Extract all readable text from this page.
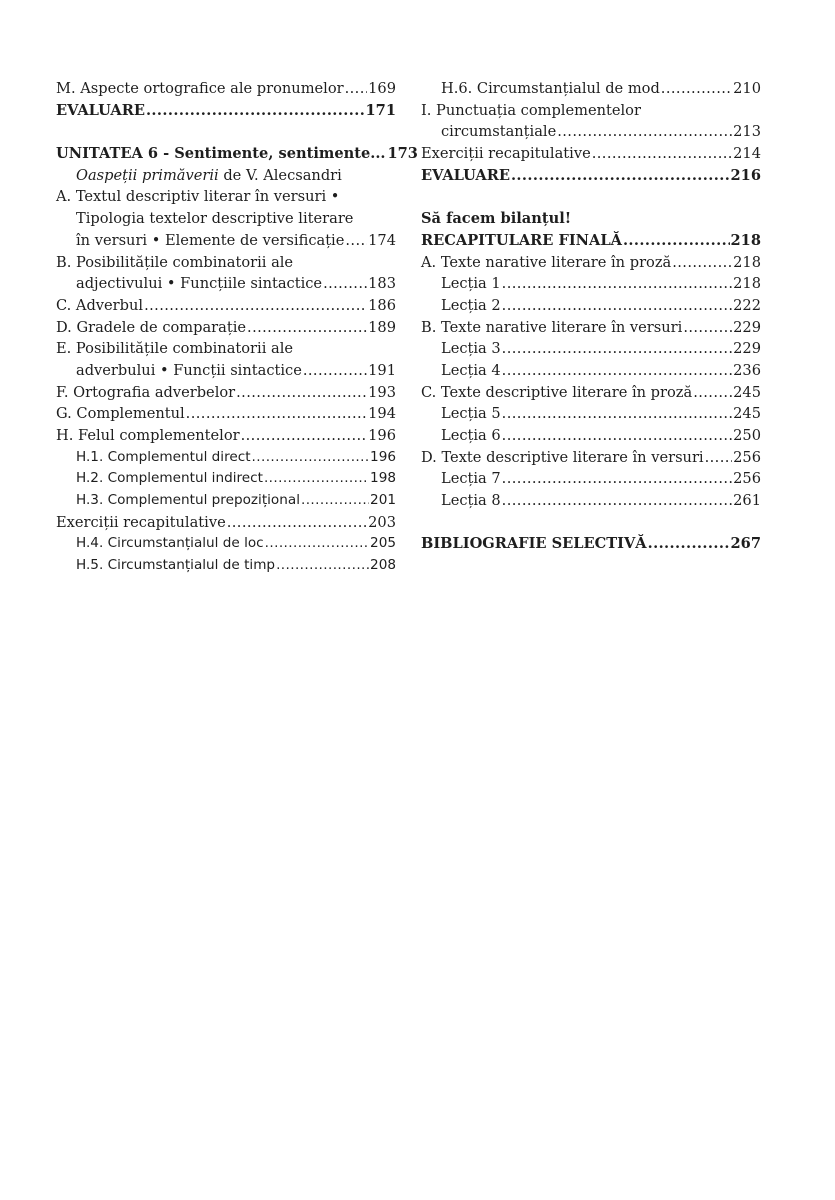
M. Aspecte ortografice ale pronumelor ..... 169
EVALUARE .....	171
UNITATEA 6 - Sentimente, sentimente... 173
Oaspeții primăverii de V. Alecsandri
A. Textul descriptiv literar în versuri •
Tipologia textelor descriptive literare
în versuri • Elemente de versificație ..... 174
B. Posibilitățile combinatorii ale
adjectivului • Funcțiile sintactice .....	183
C. Adverbul .....	186
D. Gradele de comparație .....	189
E. Posibilitățile combinatorii ale
adverbului • Funcții sintactice .....	191
F. Ortografia adverbelor .....	193
G. Complementul .....	194
H. Felul complementelor .....	196
H.1. Complementul direct .....	196
H.2. Complementul indirect .....	198
H.3. Complementul prepozițional .....	201
Exerciții recapitulative .....	203
H.4. Circumstanțialul de loc .....	205
H.5. Circumstanțialul de timp .....	208
H.6. Circumstanțialul de mod .....	210
I. Punctuația complementelor
circumstanțiale .....	213
Exerciții recapitulative .....	214
EVALUARE .....	216
Să facem bilanțul!
RECAPITULARE FINALĂ .....	218
A. Texte narative literare în proză .....	218
Lecția 1 .....	218
Lecția 2 .....	222
B. Texte narative literare în versuri .....	229
Lecția 3 .....	229
Lecția 4 .....	236
C. Texte descriptive literare în proză .....	245
Lecția 5 .....	245
Lecția 6 .....	250
D. Texte descriptive literare în versuri ..... 256
Lecția 7 .....	256
Lecția 8 .....	261
BIBLIOGRAFIE SELECTIVĂ .....	267
